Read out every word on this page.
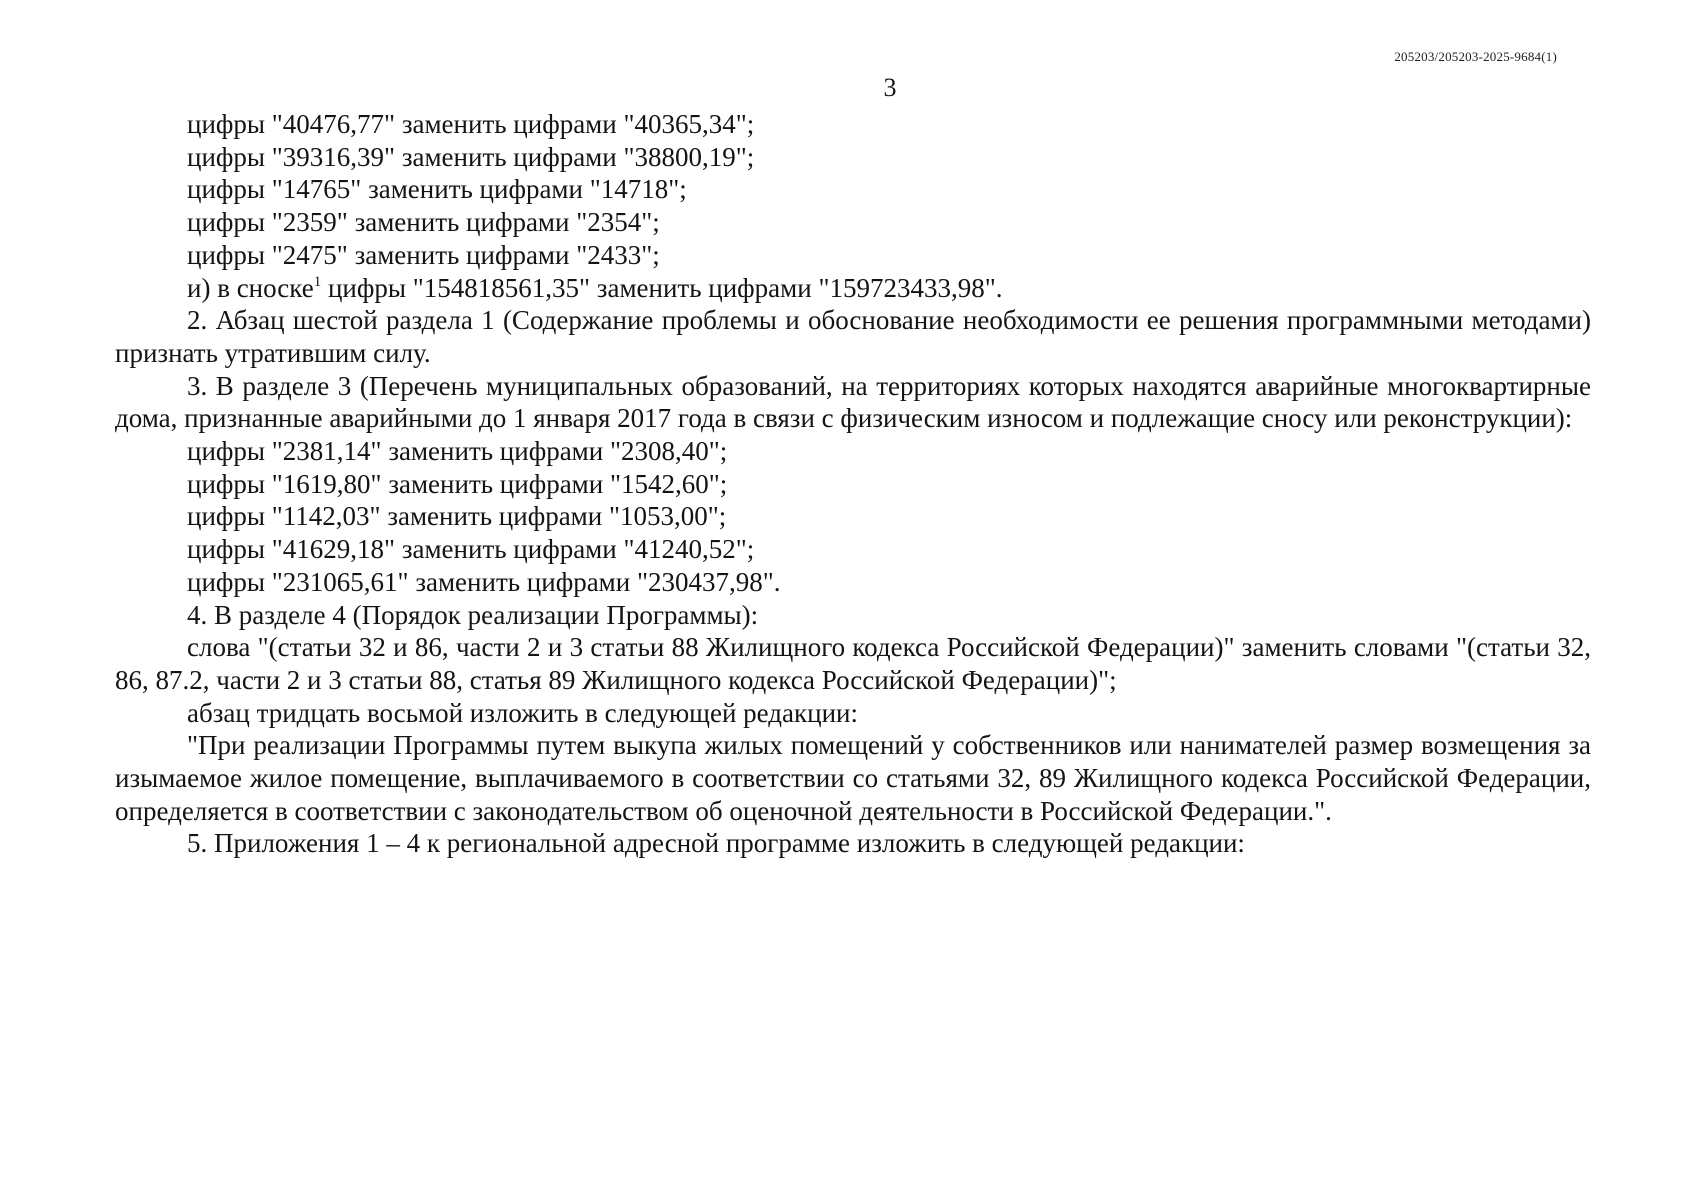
205203/205203-2025-9684(1)
3

цифры "40476,77" заменить цифрами "40365,34";

цифры "39316,39" заменить цифрами "38800,19";

цифры "14765" заменить цифрами "14718";

цифры "2359" заменить цифрами "2354";

цифры "2475" заменить цифрами "2433";

и) в сноске$^1$ цифры "154818561,35" заменить цифрами "159723433,98".

2. Абзац шестой раздела 1 (Содержание проблемы и обоснование необходимости ее решения программными методами) признать утратившим силу.

3. В разделе 3 (Перечень муниципальных образований, на территориях которых находятся аварийные многоквартирные дома, признанные аварийными до 1 января 2017 года в связи с физическим износом и подлежащие сносу или реконструкции):

цифры "2381,14" заменить цифрами "2308,40";

цифры "1619,80" заменить цифрами "1542,60";

цифры "1142,03" заменить цифрами "1053,00";

цифры "41629,18" заменить цифрами "41240,52";

цифры "231065,61" заменить цифрами "230437,98".

4. В разделе 4 (Порядок реализации Программы):

слова "(статьи 32 и 86, части 2 и 3 статьи 88 Жилищного кодекса Российской Федерации)" заменить словами "(статьи 32, 86, 87.2, части 2 и 3 статьи 88, статья 89 Жилищного кодекса Российской Федерации)";

абзац тридцать восьмой изложить в следующей редакции:

"При реализации Программы путем выкупа жилых помещений у собственников или нанимателей размер возмещения за изымаемое жилое помещение, выплачиваемого в соответствии со статьями 32, 89 Жилищного кодекса Российской Федерации, определяется в соответствии с законодательством об оценочной деятельности в Российской Федерации.".

5. Приложения 1 – 4 к региональной адресной программе изложить в следующей редакции:
